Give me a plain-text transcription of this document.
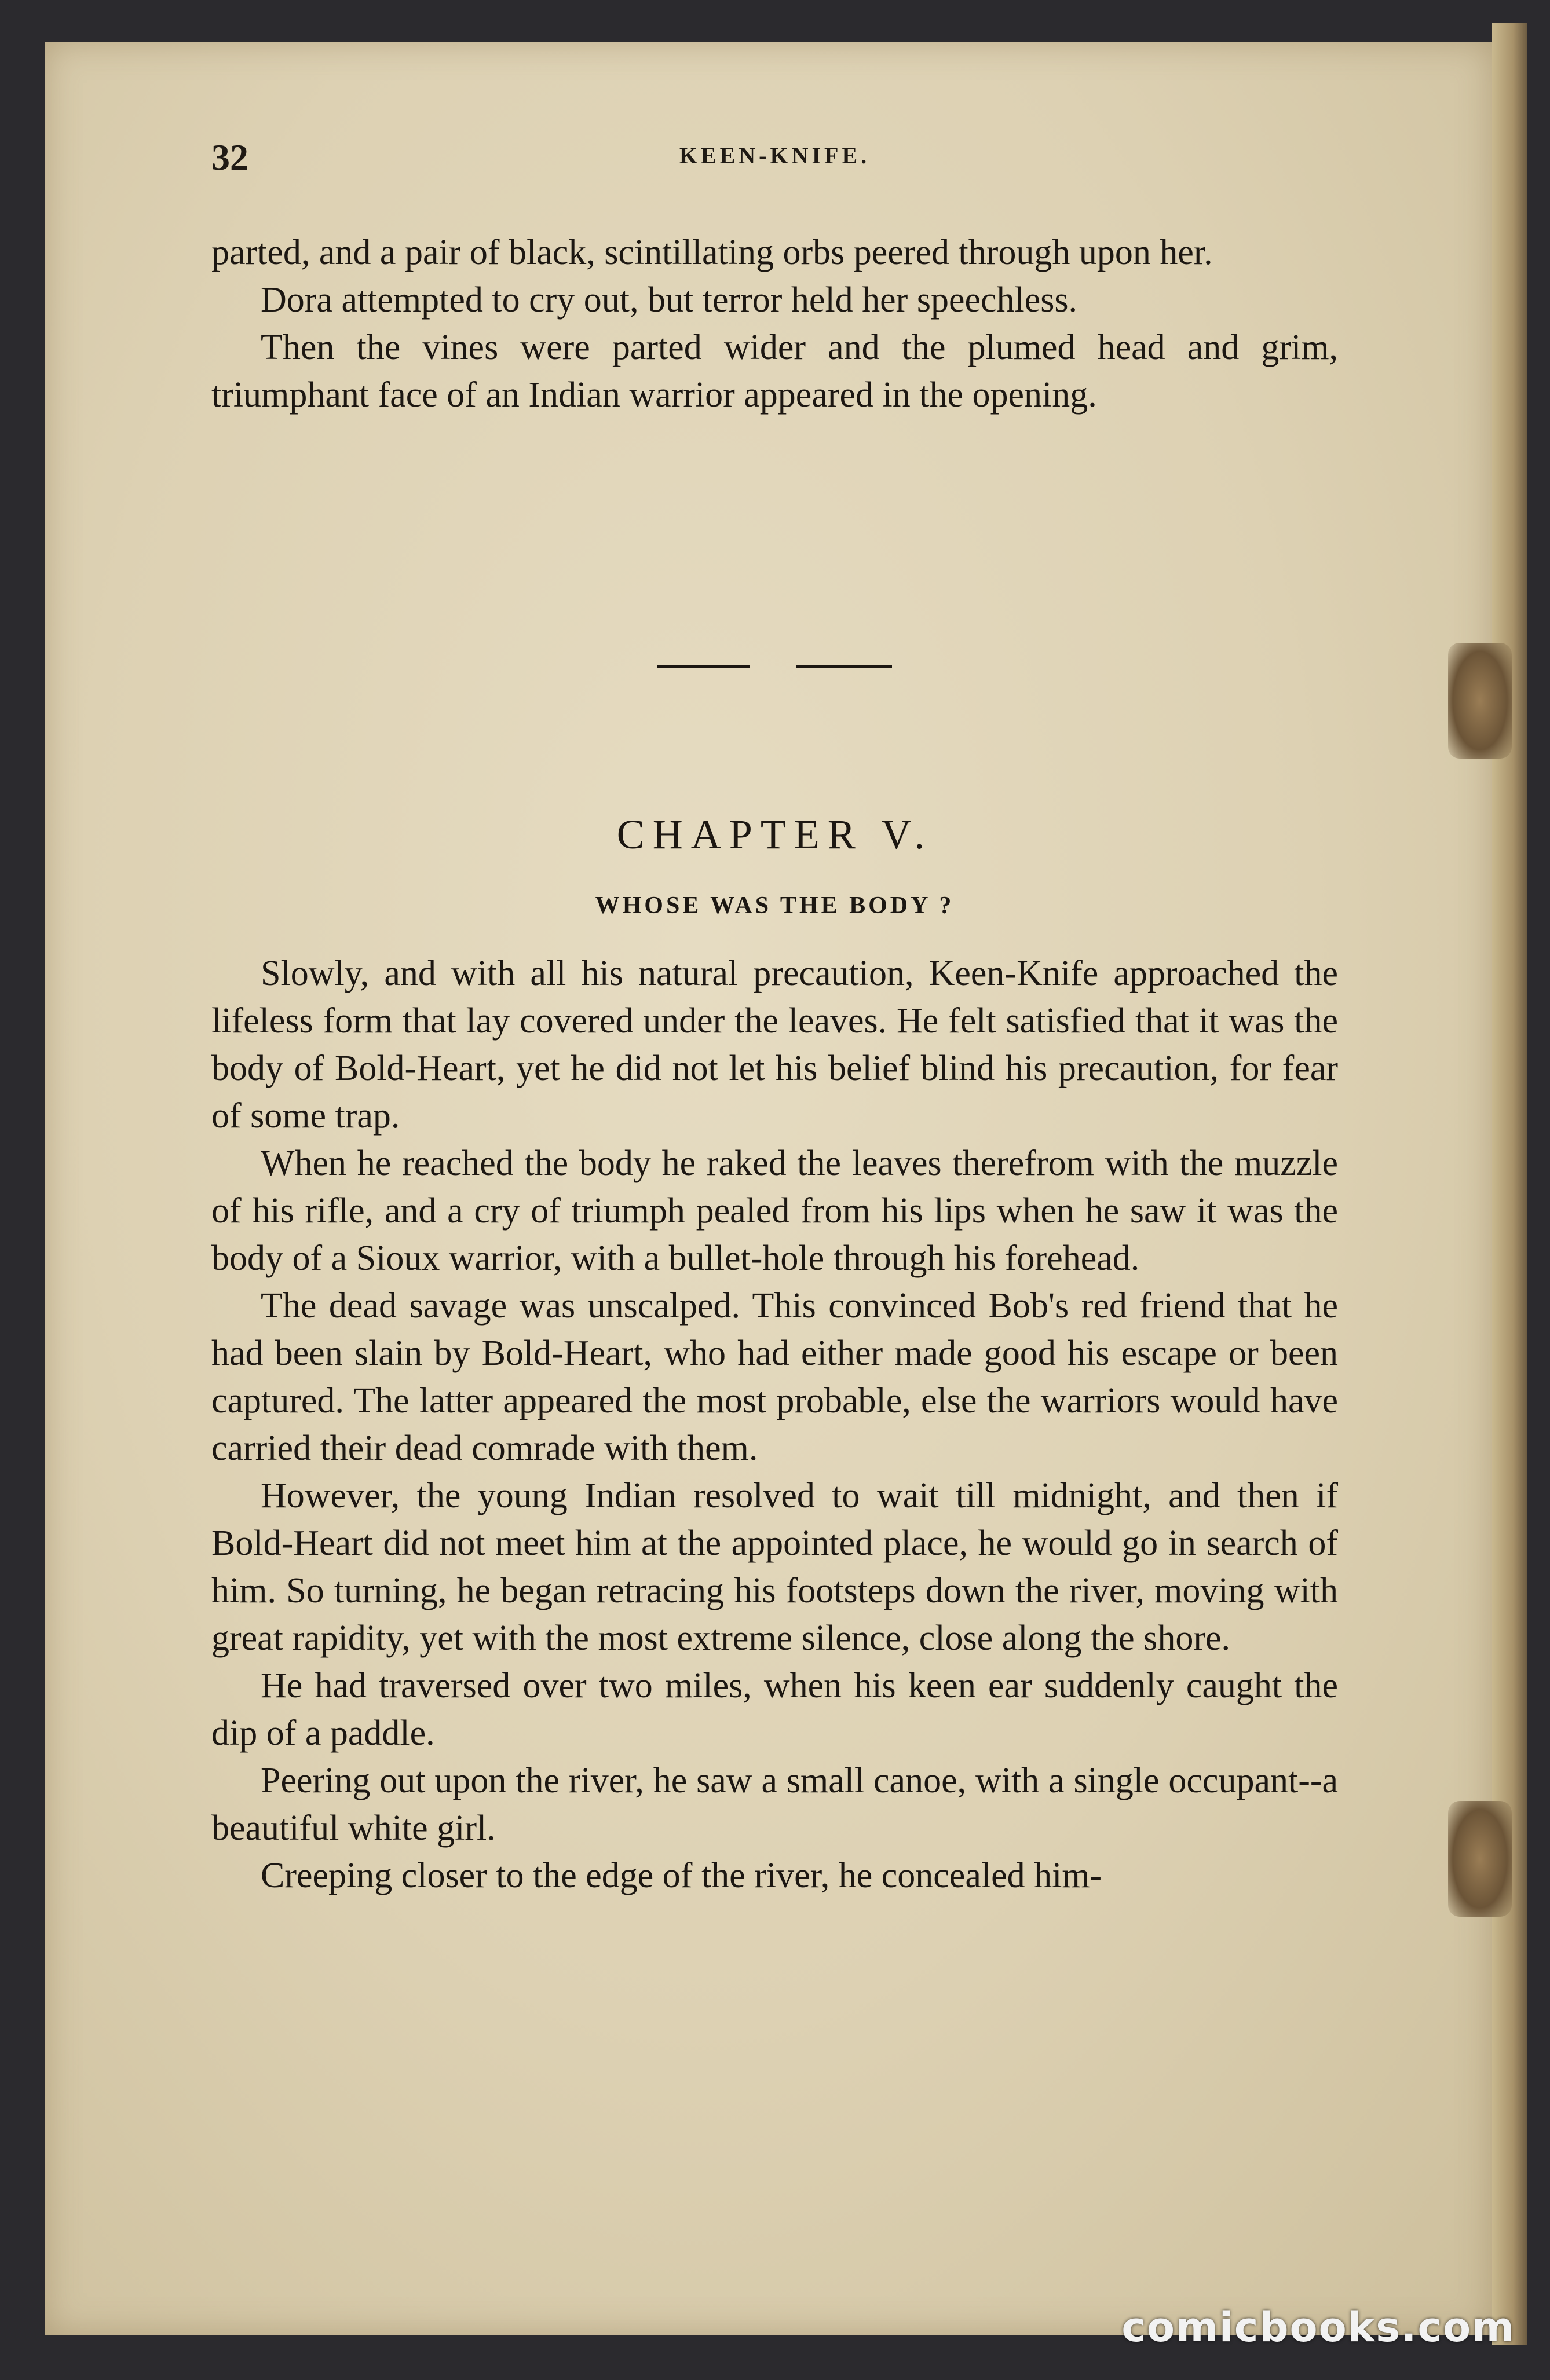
32	KEEN-KNIFE.

parted, and a pair of black, scintillating orbs peered through upon her.

Dora attempted to cry out, but terror held her speechless.

Then the vines were parted wider and the plumed head and grim, triumphant face of an Indian warrior appeared in the opening.

CHAPTER V.
WHOSE WAS THE BODY ?

Slowly, and with all his natural precaution, Keen-Knife approached the lifeless form that lay covered under the leaves. He felt satisfied that it was the body of Bold-Heart, yet he did not let his belief blind his precaution, for fear of some trap.

When he reached the body he raked the leaves therefrom with the muzzle of his rifle, and a cry of triumph pealed from his lips when he saw it was the body of a Sioux warrior, with a bullet-hole through his forehead.

The dead savage was unscalped. This convinced Bob's red friend that he had been slain by Bold-Heart, who had either made good his escape or been captured. The latter appeared the most probable, else the warriors would have carried their dead comrade with them.

However, the young Indian resolved to wait till midnight, and then if Bold-Heart did not meet him at the appointed place, he would go in search of him. So turning, he began retracing his footsteps down the river, moving with great rapidity, yet with the most extreme silence, close along the shore.

He had traversed over two miles, when his keen ear suddenly caught the dip of a paddle.

Peering out upon the river, he saw a small canoe, with a single occupant--a beautiful white girl.

Creeping closer to the edge of the river, he concealed him-

comicbooks.com
